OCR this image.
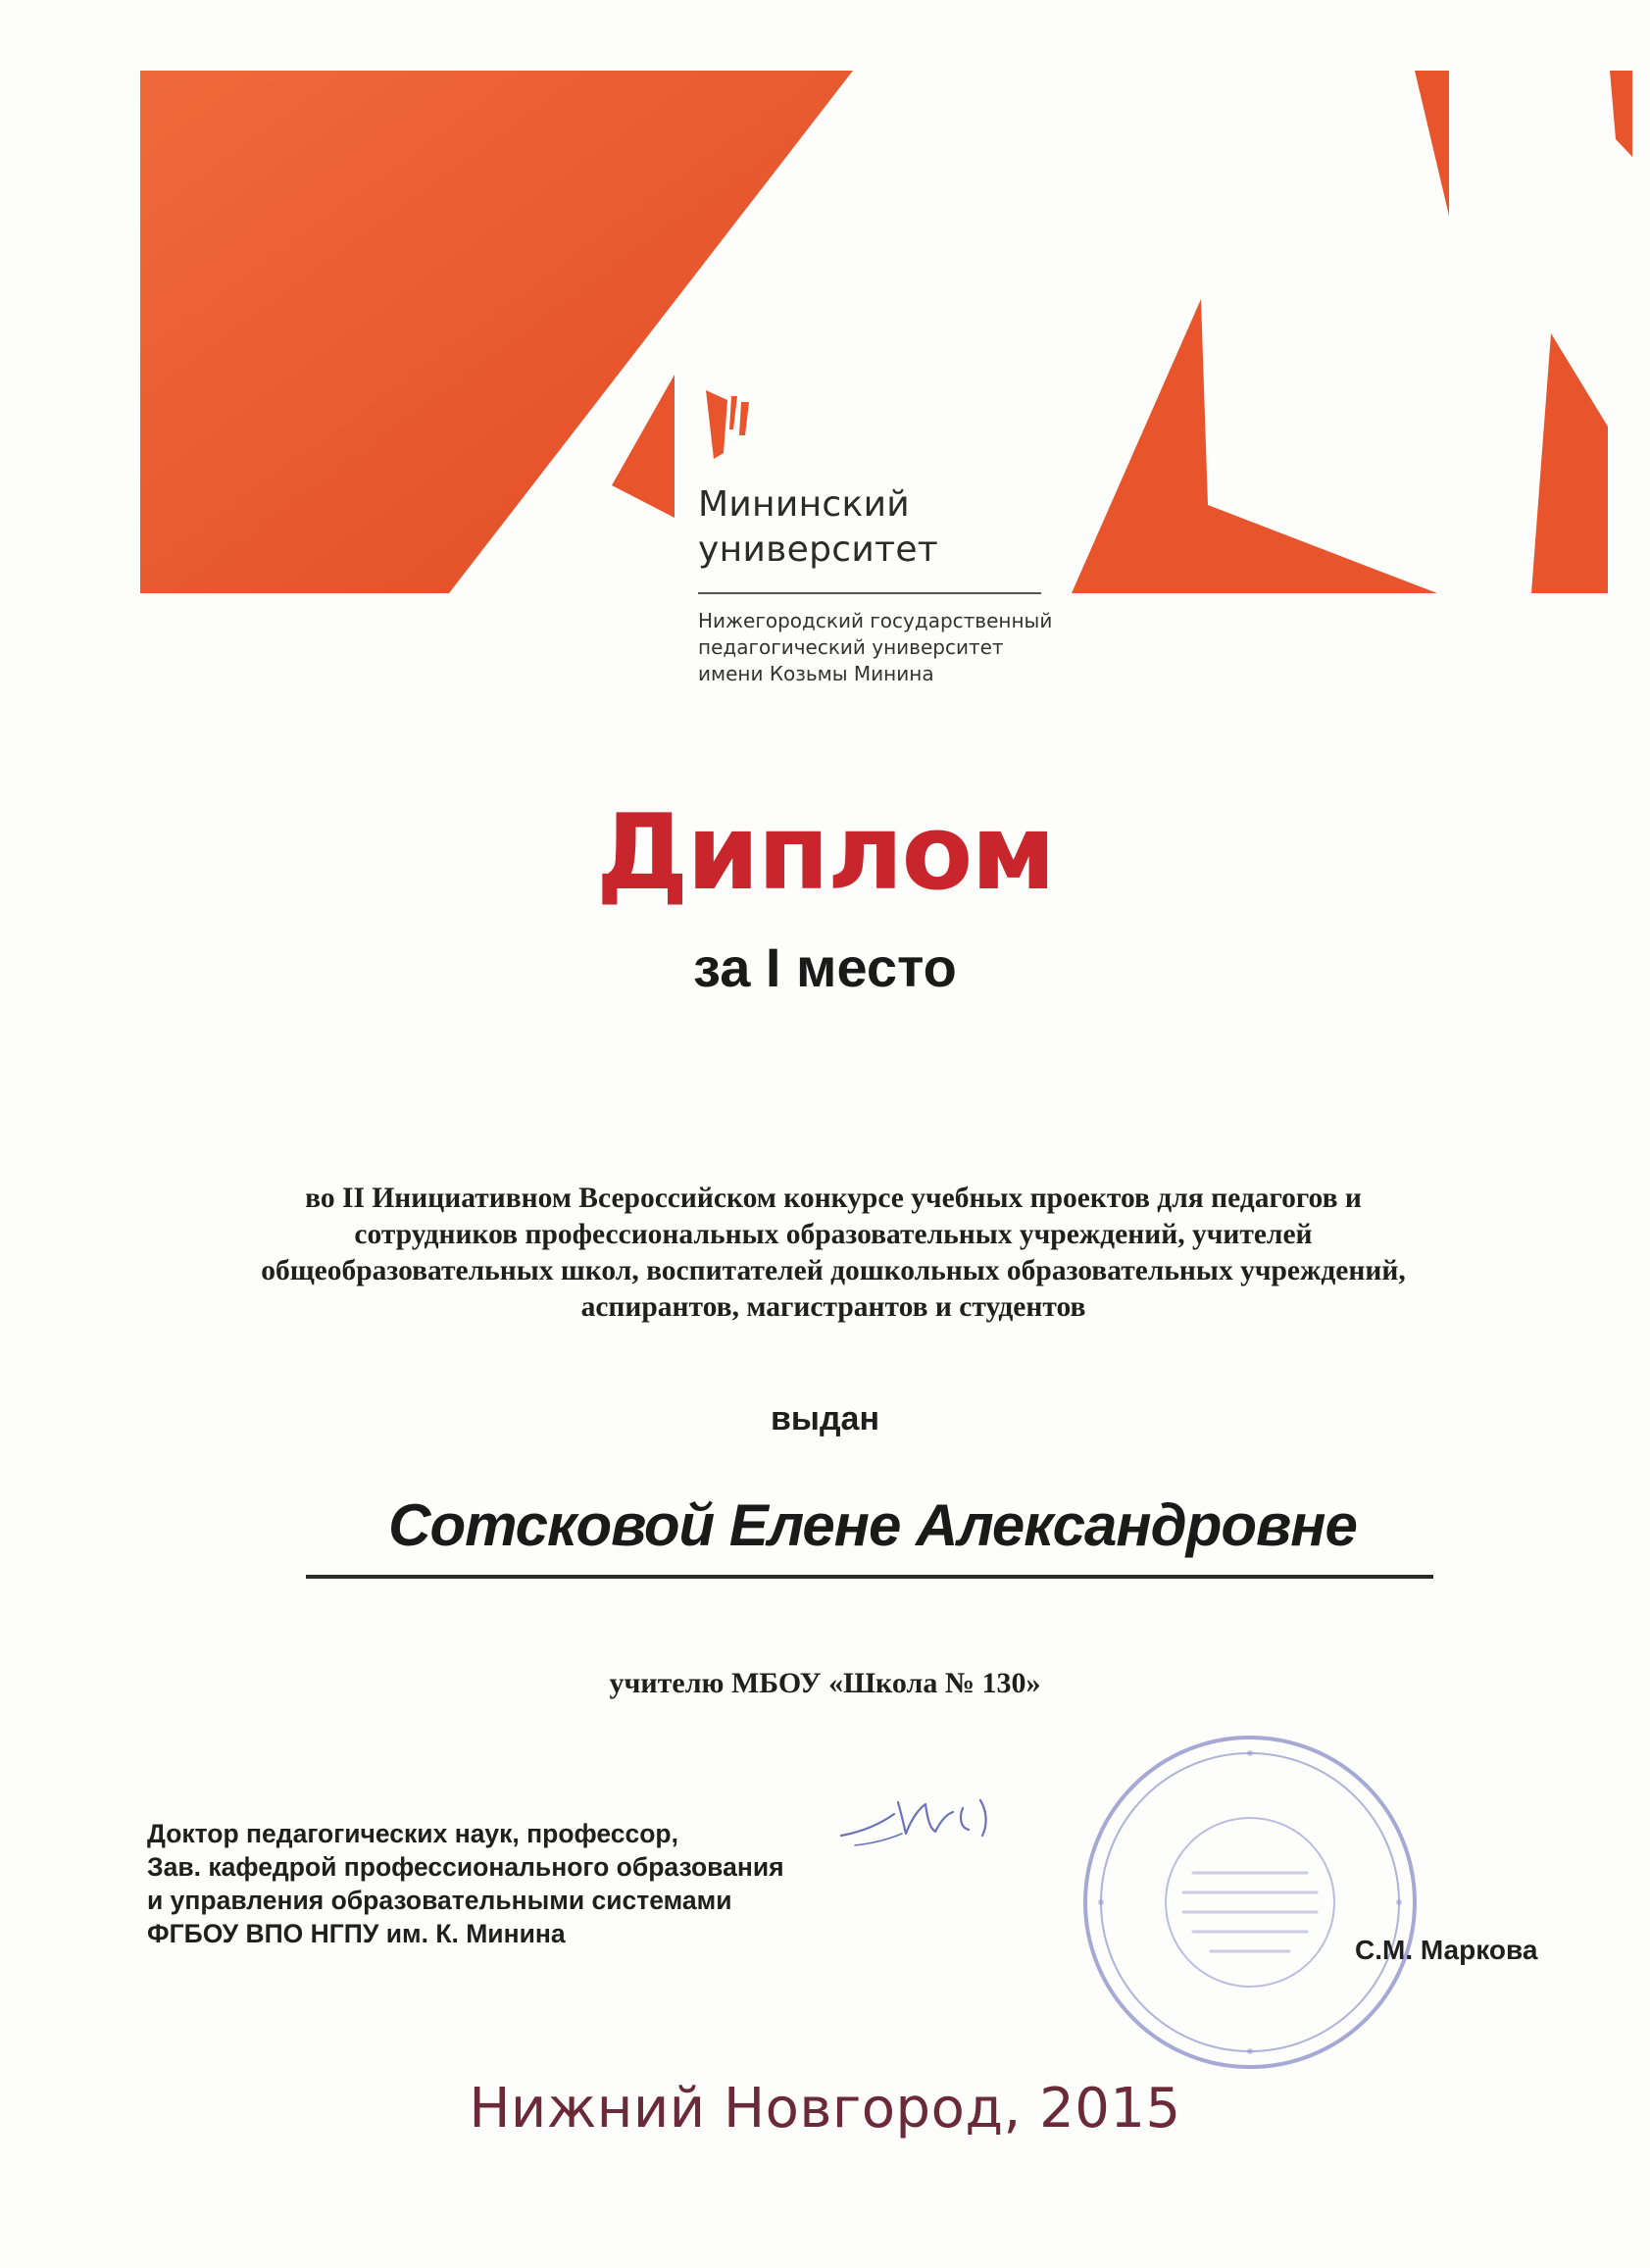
Мининский
университет
Нижегородский государственный
педагогический университет
имени Козьмы Минина
Диплом
за I место
во II Инициативном Всероссийском конкурсе учебных проектов для педагогов и
сотрудников профессиональных образовательных учреждений, учителей
общеобразовательных школ, воспитателей дошкольных образовательных учреждений,
аспирантов, магистрантов и студентов
выдан
Сотсковой Елене Александровне
учителю МБОУ «Школа № 130»
Доктор педагогических наук, профессор,
Зав. кафедрой профессионального образования
и управления образовательными системами
ФГБОУ ВПО НГПУ им. К. Минина
С.М. Маркова
Нижний Новгород, 2015
